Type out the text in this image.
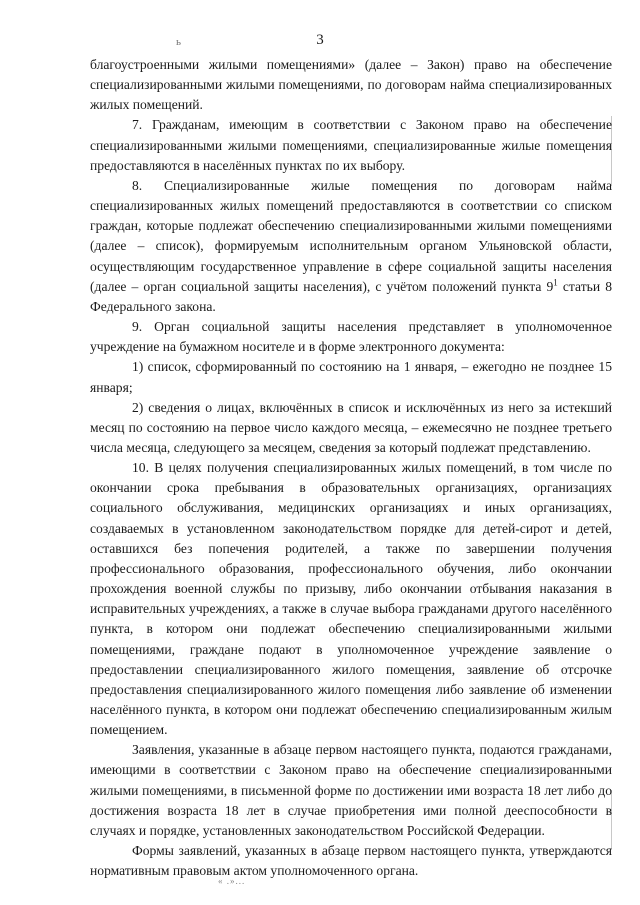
3
ь

благоустроенными жилыми помещениями» (далее – Закон) право на обеспечение специализированными жилыми помещениями, по договорам найма специализированных жилых помещений.

7. Гражданам, имеющим в соответствии с Законом право на обеспечение специализированными жилыми помещениями, специализированные жилые помещения предоставляются в населённых пунктах по их выбору.

8. Специализированные жилые помещения по договорам найма специализированных жилых помещений предоставляются в соответствии со списком граждан, которые подлежат обеспечению специализированными жилыми помещениями (далее – список), формируемым исполнительным органом Ульяновской области, осуществляющим государственное управление в сфере социальной защиты населения (далее – орган социальной защиты населения), с учётом положений пункта $9^1$ статьи 8 Федерального закона.

9. Орган социальной защиты населения представляет в уполномоченное учреждение на бумажном носителе и в форме электронного документа:

1) список, сформированный по состоянию на 1 января, – ежегодно не позднее 15 января;

2) сведения о лицах, включённых в список и исключённых из него за истекший месяц по состоянию на первое число каждого месяца, – ежемесячно не позднее третьего числа месяца, следующего за месяцем, сведения за который подлежат представлению.

10. В целях получения специализированных жилых помещений, в том числе по окончании срока пребывания в образовательных организациях, организациях социального обслуживания, медицинских организациях и иных организациях, создаваемых в установленном законодательством порядке для детей-сирот и детей, оставшихся без попечения родителей, а также по завершении получения профессионального образования, профессионального обучения, либо окончании прохождения военной службы по призыву, либо окончании отбывания наказания в исправительных учреждениях, а также в случае выбора гражданами другого населённого пункта, в котором они подлежат обеспечению специализированными жилыми помещениями, граждане подают в уполномоченное учреждение заявление о предоставлении специализированного жилого помещения, заявление об отсрочке предоставления специализированного жилого помещения либо заявление об изменении населённого пункта, в котором они подлежат обеспечению специализированным жилым помещением.

Заявления, указанные в абзаце первом настоящего пункта, подаются гражданами, имеющими в соответствии с Законом право на обеспечение специализированными жилыми помещениями, в письменной форме по достижении ими возраста 18 лет либо до достижения возраста 18 лет в случае приобретения ими полной дееспособности в случаях и порядке, установленных законодательством Российской Федерации.

Формы заявлений, указанных в абзаце первом настоящего пункта, утверждаются нормативным правовым актом уполномоченного органа.

« .»...
